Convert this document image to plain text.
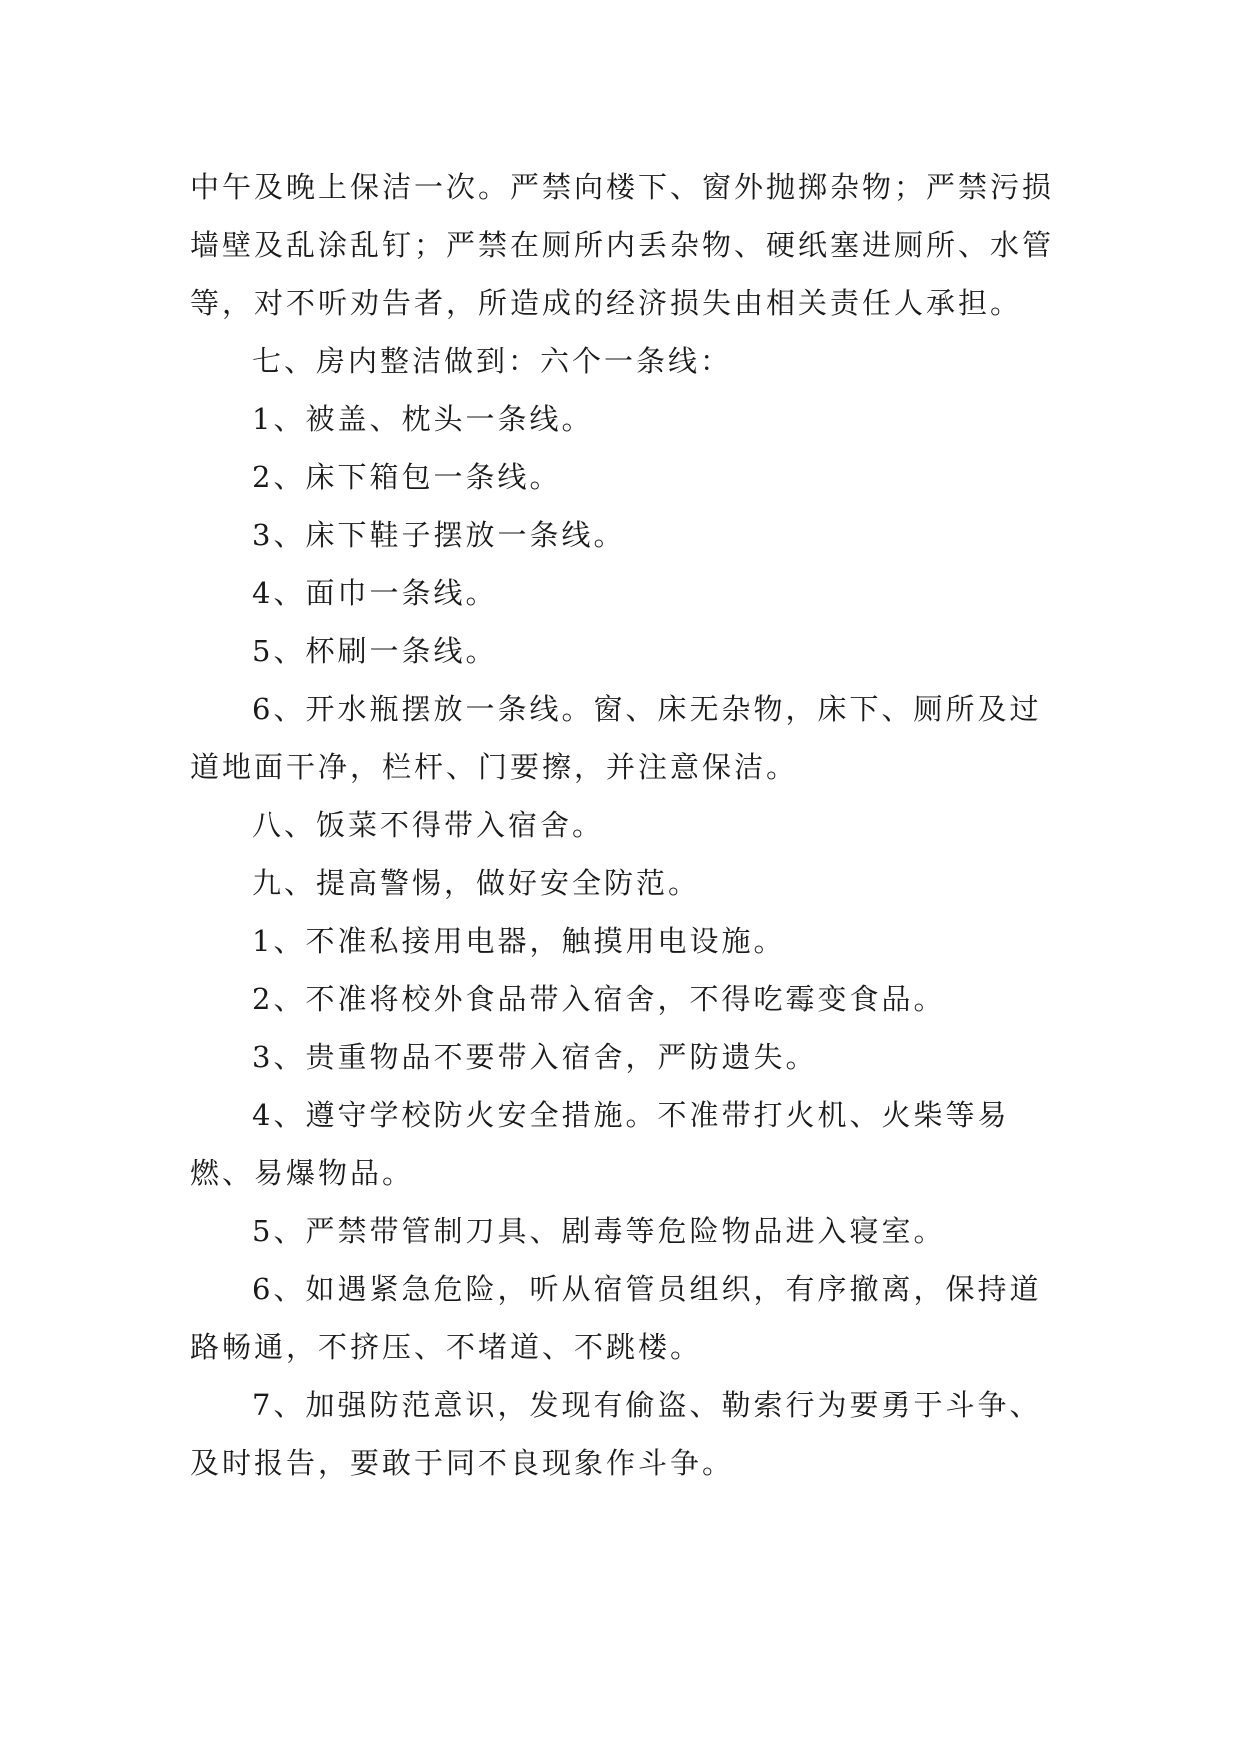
中午及晚上保洁一次。严禁向楼下、窗外抛掷杂物；严禁污损墙壁及乱涂乱钉；严禁在厕所内丢杂物、硬纸塞进厕所、水管等，对不听劝告者，所造成的经济损失由相关责任人承担。

七、房内整洁做到：六个一条线：

1、被盖、枕头一条线。

2、床下箱包一条线。

3、床下鞋子摆放一条线。

4、面巾一条线。

5、杯刷一条线。

6、开水瓶摆放一条线。窗、床无杂物，床下、厕所及过道地面干净，栏杆、门要擦，并注意保洁。

八、饭菜不得带入宿舍。

九、提高警惕，做好安全防范。

1、不准私接用电器，触摸用电设施。

2、不准将校外食品带入宿舍，不得吃霉变食品。

3、贵重物品不要带入宿舍，严防遗失。

4、遵守学校防火安全措施。不准带打火机、火柴等易燃、易爆物品。

5、严禁带管制刀具、剧毒等危险物品进入寝室。

6、如遇紧急危险，听从宿管员组织，有序撤离，保持道路畅通，不挤压、不堵道、不跳楼。

7、加强防范意识，发现有偷盗、勒索行为要勇于斗争、及时报告，要敢于同不良现象作斗争。
